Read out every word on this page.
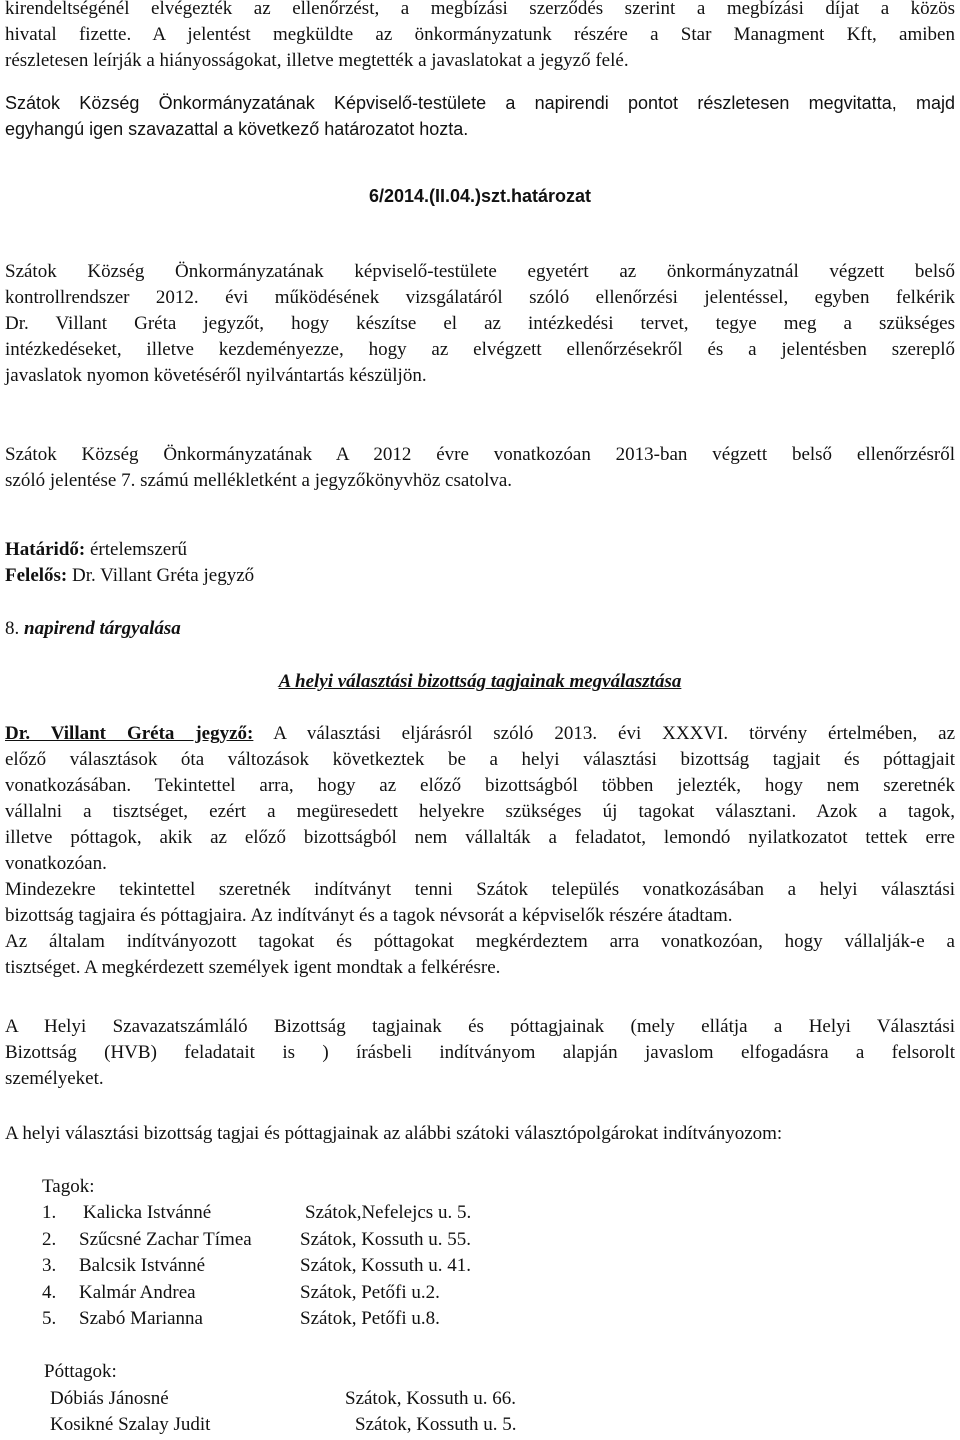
kirendeltségénél elvégezték az ellenőrzést, a megbízási szerződés szerint a megbízási díjat a közös
hivatal fizette. A jelentést megküldte az önkormányzatunk részére a Star Managment Kft, amiben
részletesen leírják a hiányosságokat, illetve megtették a javaslatokat a jegyző felé.
Szátok Község Önkormányzatának Képviselő-testülete a napirendi pontot részletesen megvitatta, majd
egyhangú igen szavazattal a következő határozatot hozta.
6/2014.(II.04.)szt.határozat
Szátok Község Önkormányzatának képviselő-testülete egyetért az önkormányzatnál végzett belső
kontrollrendszer 2012. évi működésének vizsgálatáról szóló ellenőrzési jelentéssel, egyben felkérik
Dr. Villant Gréta jegyzőt, hogy készítse el az intézkedési tervet, tegye meg a szükséges
intézkedéseket, illetve kezdeményezze, hogy az elvégzett ellenőrzésekről és a jelentésben szereplő
javaslatok nyomon követéséről nyilvántartás készüljön.
Szátok Község Önkormányzatának A 2012 évre vonatkozóan 2013-ban végzett belső ellenőrzésről
szóló jelentése 7. számú mellékletként a jegyzőkönyvhöz csatolva.
Határidő: értelemszerű
Felelős: Dr. Villant Gréta jegyző
8. napirend tárgyalása
A helyi választási bizottság tagjainak megválasztása
Dr. Villant Gréta jegyző: A választási eljárásról szóló 2013. évi XXXVI. törvény értelmében, az
előző választások óta változások következtek be a helyi választási bizottság tagjait és póttagjait
vonatkozásában. Tekintettel arra, hogy az előző bizottságból többen jelezték, hogy nem szeretnék
vállalni a tisztséget, ezért a megüresedett helyekre szükséges új tagokat választani. Azok a tagok,
illetve póttagok, akik az előző bizottságból nem vállalták a feladatot, lemondó nyilatkozatot tettek erre
vonatkozóan.
Mindezekre tekintettel szeretnék indítványt tenni Szátok település vonatkozásában a helyi választási
bizottság tagjaira és póttagjaira. Az indítványt és a tagok névsorát a képviselők részére átadtam.
Az általam indítványozott tagokat és póttagokat megkérdeztem arra vonatkozóan, hogy vállalják-e a
tisztséget. A megkérdezett személyek igent mondtak a felkérésre.
A Helyi Szavazatszámláló Bizottság tagjainak és póttagjainak (mely ellátja a Helyi Választási
Bizottság (HVB) feladatait is ) írásbeli indítványom alapján javaslom elfogadásra a felsorolt
személyeket.
A helyi választási bizottság tagjai és póttagjainak az alábbi szátoki választópolgárokat indítványozom:
Tagok:
1. Kalicka Istvánné	Szátok,Nefelejcs u. 5.
2. Szűcsné Zachar Tímea	Szátok, Kossuth u. 55.
3. Balcsik Istvánné	Szátok, Kossuth u. 41.
4. Kalmár Andrea	Szátok, Petőfi u.2.
5. Szabó Marianna	Szátok, Petőfi u.8.
Póttagok:
Dóbiás Jánosné	Szátok, Kossuth u. 66.
Kosikné Szalay Judit	Szátok, Kossuth u. 5.
